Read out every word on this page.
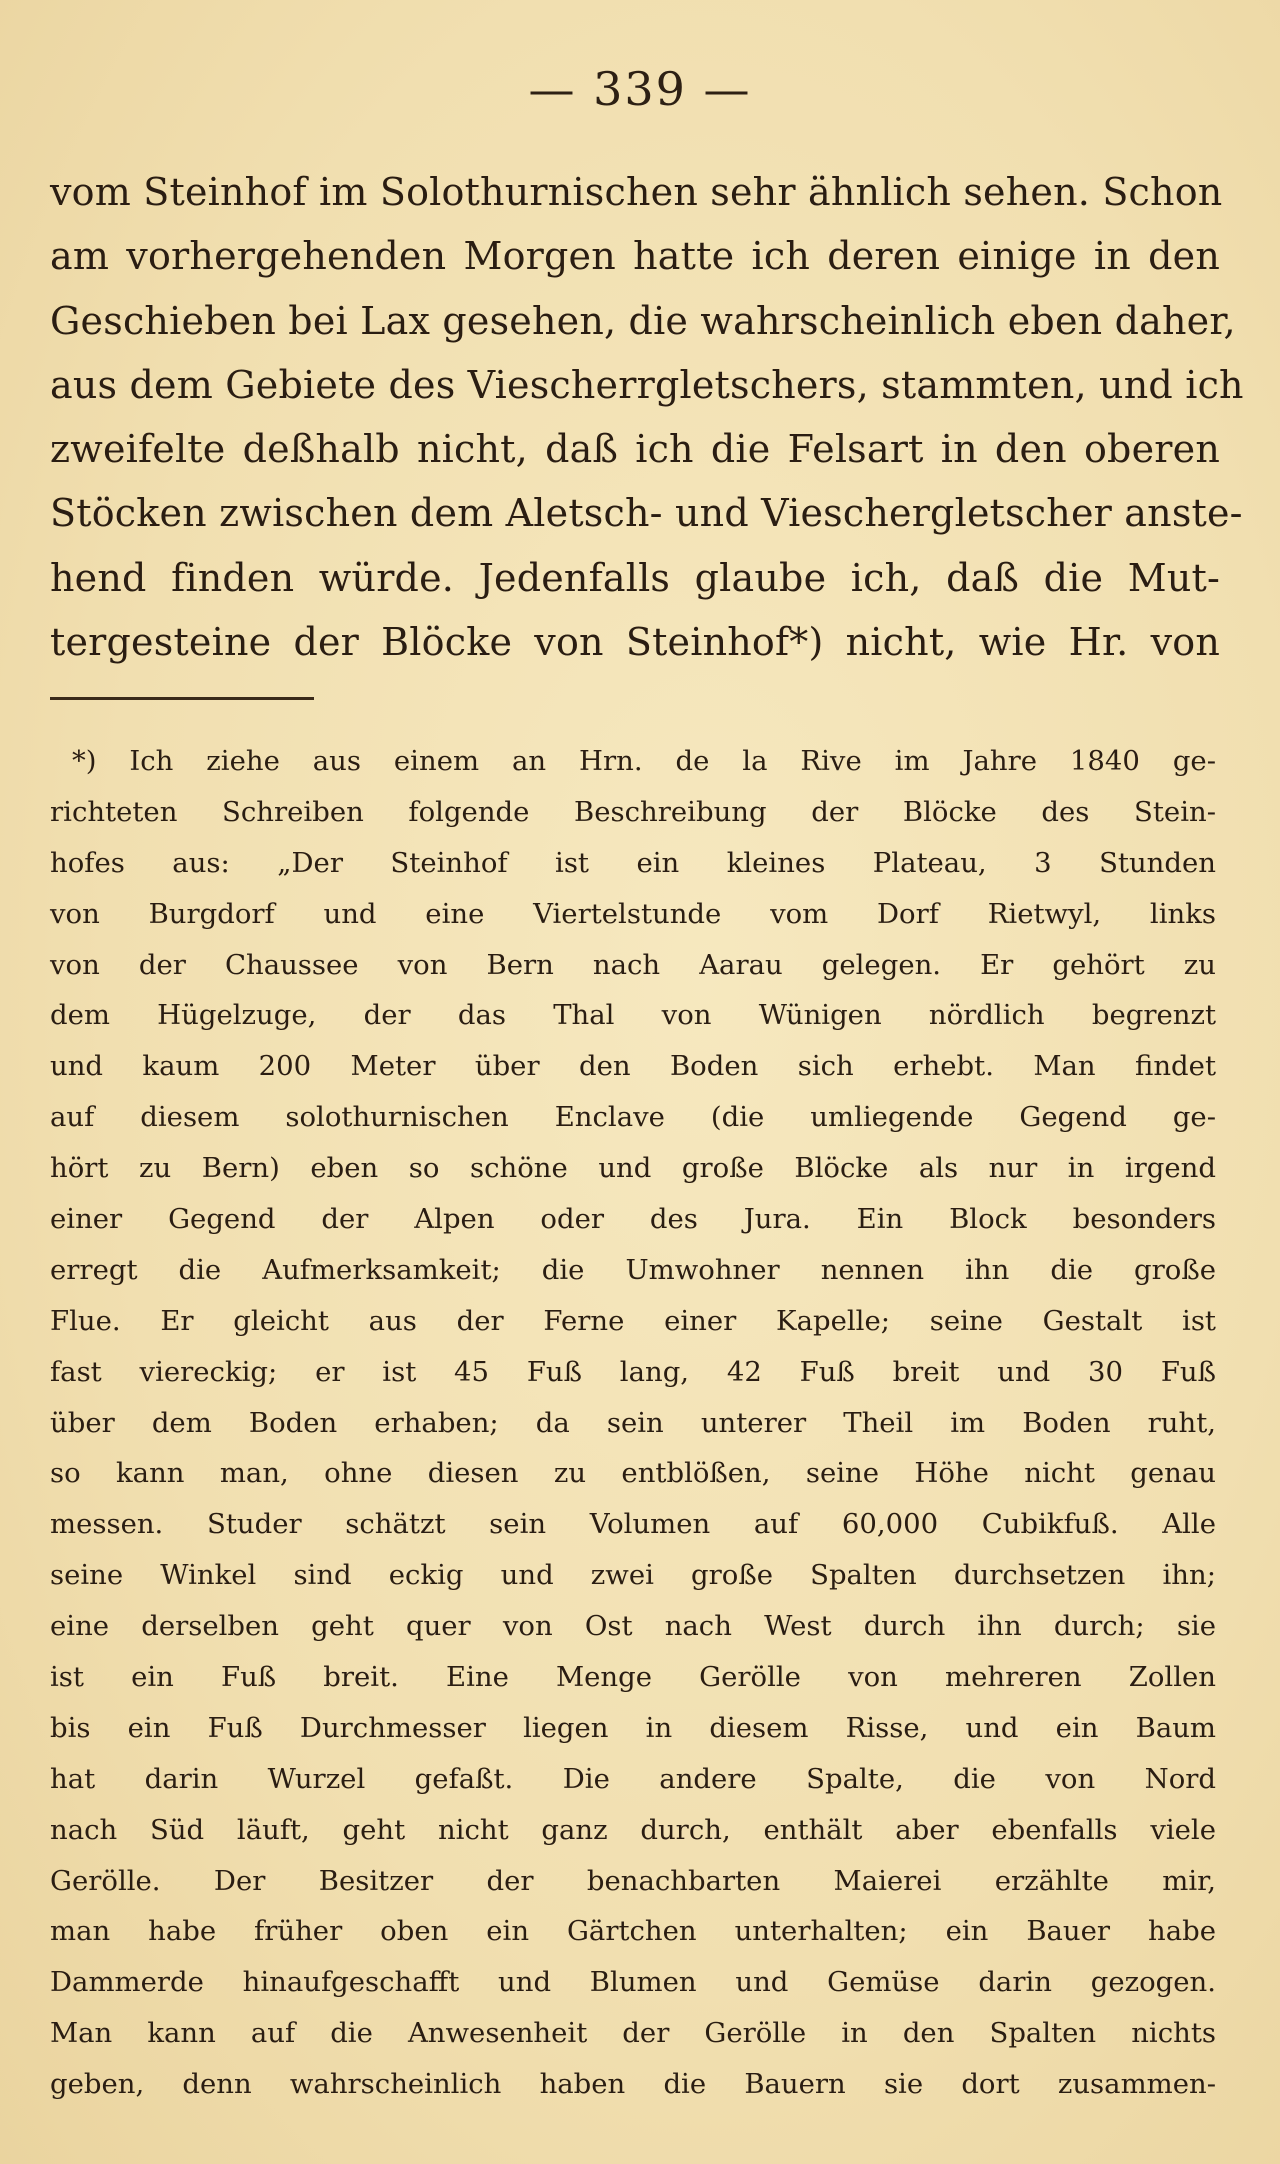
— 339 —
vom Steinhof im Solothurnischen sehr ähnlich sehen. Schon
am vorhergehenden Morgen hatte ich deren einige in den
Geschieben bei Lax gesehen, die wahrscheinlich eben daher,
aus dem Gebiete des Viescherrgletschers, stammten, und ich
zweifelte deßhalb nicht, daß ich die Felsart in den oberen
Stöcken zwischen dem Aletsch- und Vieschergletscher anste-
hend finden würde. Jedenfalls glaube ich, daß die Mut-
tergesteine der Blöcke von Steinhof*) nicht, wie Hr. von
*) Ich ziehe aus einem an Hrn. de la Rive im Jahre 1840 ge-
richteten Schreiben folgende Beschreibung der Blöcke des Stein-
hofes aus: „Der Steinhof ist ein kleines Plateau, 3 Stunden
von Burgdorf und eine Viertelstunde vom Dorf Rietwyl, links
von der Chaussee von Bern nach Aarau gelegen. Er gehört zu
dem Hügelzuge, der das Thal von Wünigen nördlich begrenzt
und kaum 200 Meter über den Boden sich erhebt. Man findet
auf diesem solothurnischen Enclave (die umliegende Gegend ge-
hört zu Bern) eben so schöne und große Blöcke als nur in irgend
einer Gegend der Alpen oder des Jura. Ein Block besonders
erregt die Aufmerksamkeit; die Umwohner nennen ihn die große
Flue. Er gleicht aus der Ferne einer Kapelle; seine Gestalt ist
fast viereckig; er ist 45 Fuß lang, 42 Fuß breit und 30 Fuß
über dem Boden erhaben; da sein unterer Theil im Boden ruht,
so kann man, ohne diesen zu entblößen, seine Höhe nicht genau
messen. Studer schätzt sein Volumen auf 60,000 Cubikfuß. Alle
seine Winkel sind eckig und zwei große Spalten durchsetzen ihn;
eine derselben geht quer von Ost nach West durch ihn durch; sie
ist ein Fuß breit. Eine Menge Gerölle von mehreren Zollen
bis ein Fuß Durchmesser liegen in diesem Risse, und ein Baum
hat darin Wurzel gefaßt. Die andere Spalte, die von Nord
nach Süd läuft, geht nicht ganz durch, enthält aber ebenfalls viele
Gerölle. Der Besitzer der benachbarten Maierei erzählte mir,
man habe früher oben ein Gärtchen unterhalten; ein Bauer habe
Dammerde hinaufgeschafft und Blumen und Gemüse darin gezogen.
Man kann auf die Anwesenheit der Gerölle in den Spalten nichts
geben, denn wahrscheinlich haben die Bauern sie dort zusammen-
